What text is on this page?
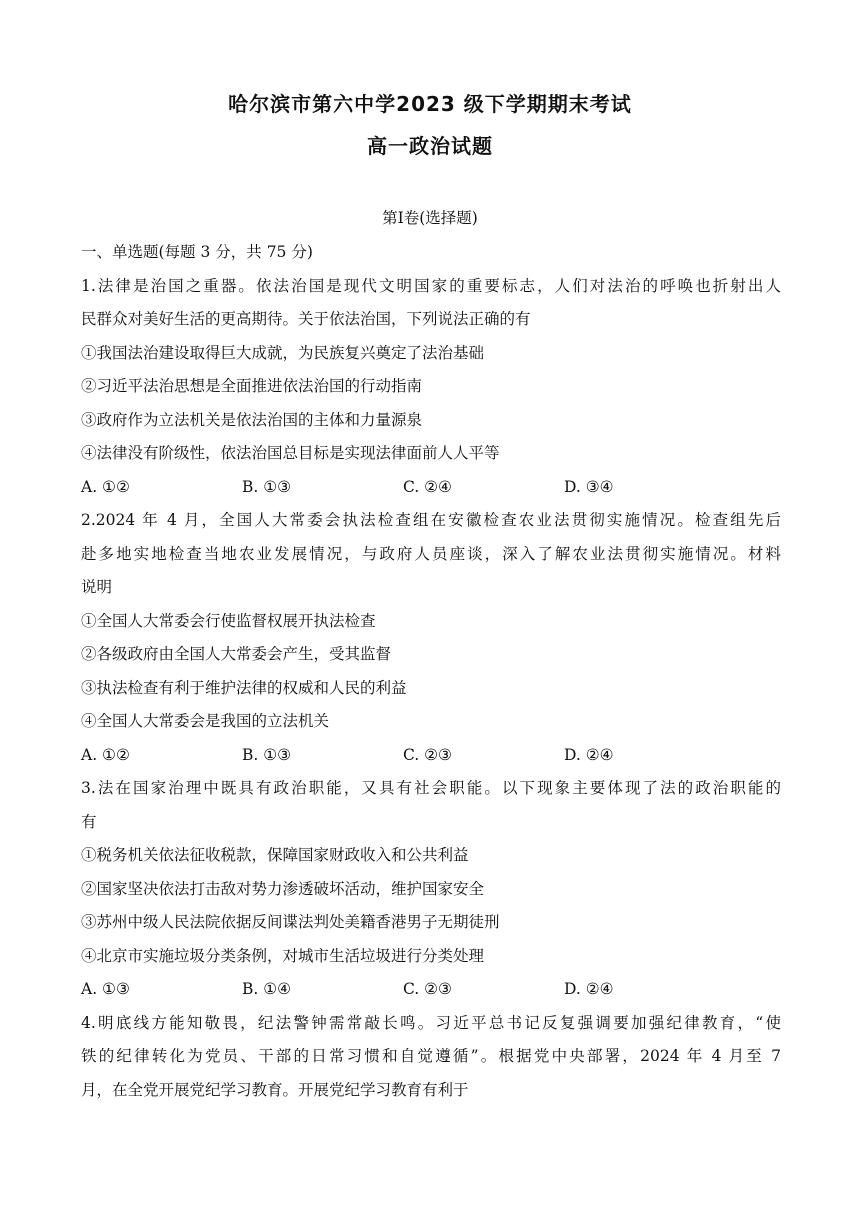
哈尔滨市第六中学2023 级下学期期末考试
高一政治试题
第Ⅰ卷(选择题)
一、单选题(每题 3 分，共 75 分)
1.法律是治国之重器。依法治国是现代文明国家的重要标志，人们对法治的呼唤也折射出人
民群众对美好生活的更高期待。关于依法治国，下列说法正确的有
①我国法治建设取得巨大成就，为民族复兴奠定了法治基础
②习近平法治思想是全面推进依法治国的行动指南
③政府作为立法机关是依法治国的主体和力量源泉
④法律没有阶级性，依法治国总目标是实现法律面前人人平等
A. ①②	B. ①③	C. ②④	D. ③④
2.2024 年 4 月，全国人大常委会执法检查组在安徽检查农业法贯彻实施情况。检查组先后
赴多地实地检查当地农业发展情况，与政府人员座谈，深入了解农业法贯彻实施情况。材料
说明
①全国人大常委会行使监督权展开执法检查
②各级政府由全国人大常委会产生，受其监督
③执法检查有利于维护法律的权威和人民的利益
④全国人大常委会是我国的立法机关
A. ①②	B. ①③	C. ②③	D. ②④
3.法在国家治理中既具有政治职能，又具有社会职能。以下现象主要体现了法的政治职能的
有
①税务机关依法征收税款，保障国家财政收入和公共利益
②国家坚决依法打击敌对势力渗透破坏活动，维护国家安全
③苏州中级人民法院依据反间谍法判处美籍香港男子无期徒刑
④北京市实施垃圾分类条例，对城市生活垃圾进行分类处理
A. ①③	B. ①④	C. ②③	D. ②④
4.明底线方能知敬畏，纪法警钟需常敲长鸣。习近平总书记反复强调要加强纪律教育，“使
铁的纪律转化为党员、干部的日常习惯和自觉遵循”。根据党中央部署，2024 年 4 月至 7
月，在全党开展党纪学习教育。开展党纪学习教育有利于
